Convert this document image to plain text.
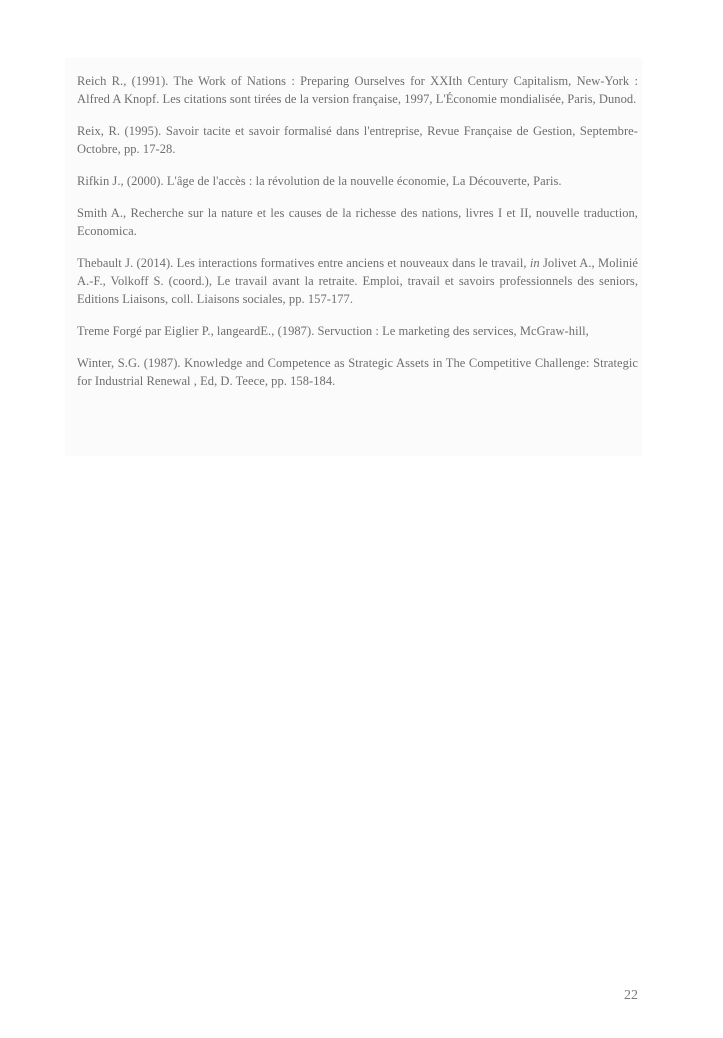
Reich R., (1991). The Work of Nations : Preparing Ourselves for XXIth Century Capitalism, New-York : Alfred A Knopf. Les citations sont tirées de la version française, 1997, L'Économie mondialisée, Paris, Dunod.
Reix, R. (1995). Savoir tacite et savoir formalisé dans l'entreprise, Revue Française de Gestion, Septembre-Octobre, pp. 17-28.
Rifkin J., (2000). L'âge de l'accès : la révolution de la nouvelle économie, La Découverte, Paris.
Smith A., Recherche sur la nature et les causes de la richesse des nations, livres I et II, nouvelle traduction, Economica.
Thebault J. (2014). Les interactions formatives entre anciens et nouveaux dans le travail, in Jolivet A., Molinié A.-F., Volkoff S. (coord.), Le travail avant la retraite. Emploi, travail et savoirs professionnels des seniors, Editions Liaisons, coll. Liaisons sociales, pp. 157-177.
Treme Forgé par Eiglier P., langeardE., (1987). Servuction : Le marketing des services, McGraw-hill,
Winter, S.G. (1987). Knowledge and Competence as Strategic Assets in The Competitive Challenge: Strategic for Industrial Renewal , Ed, D. Teece, pp. 158-184.
22
